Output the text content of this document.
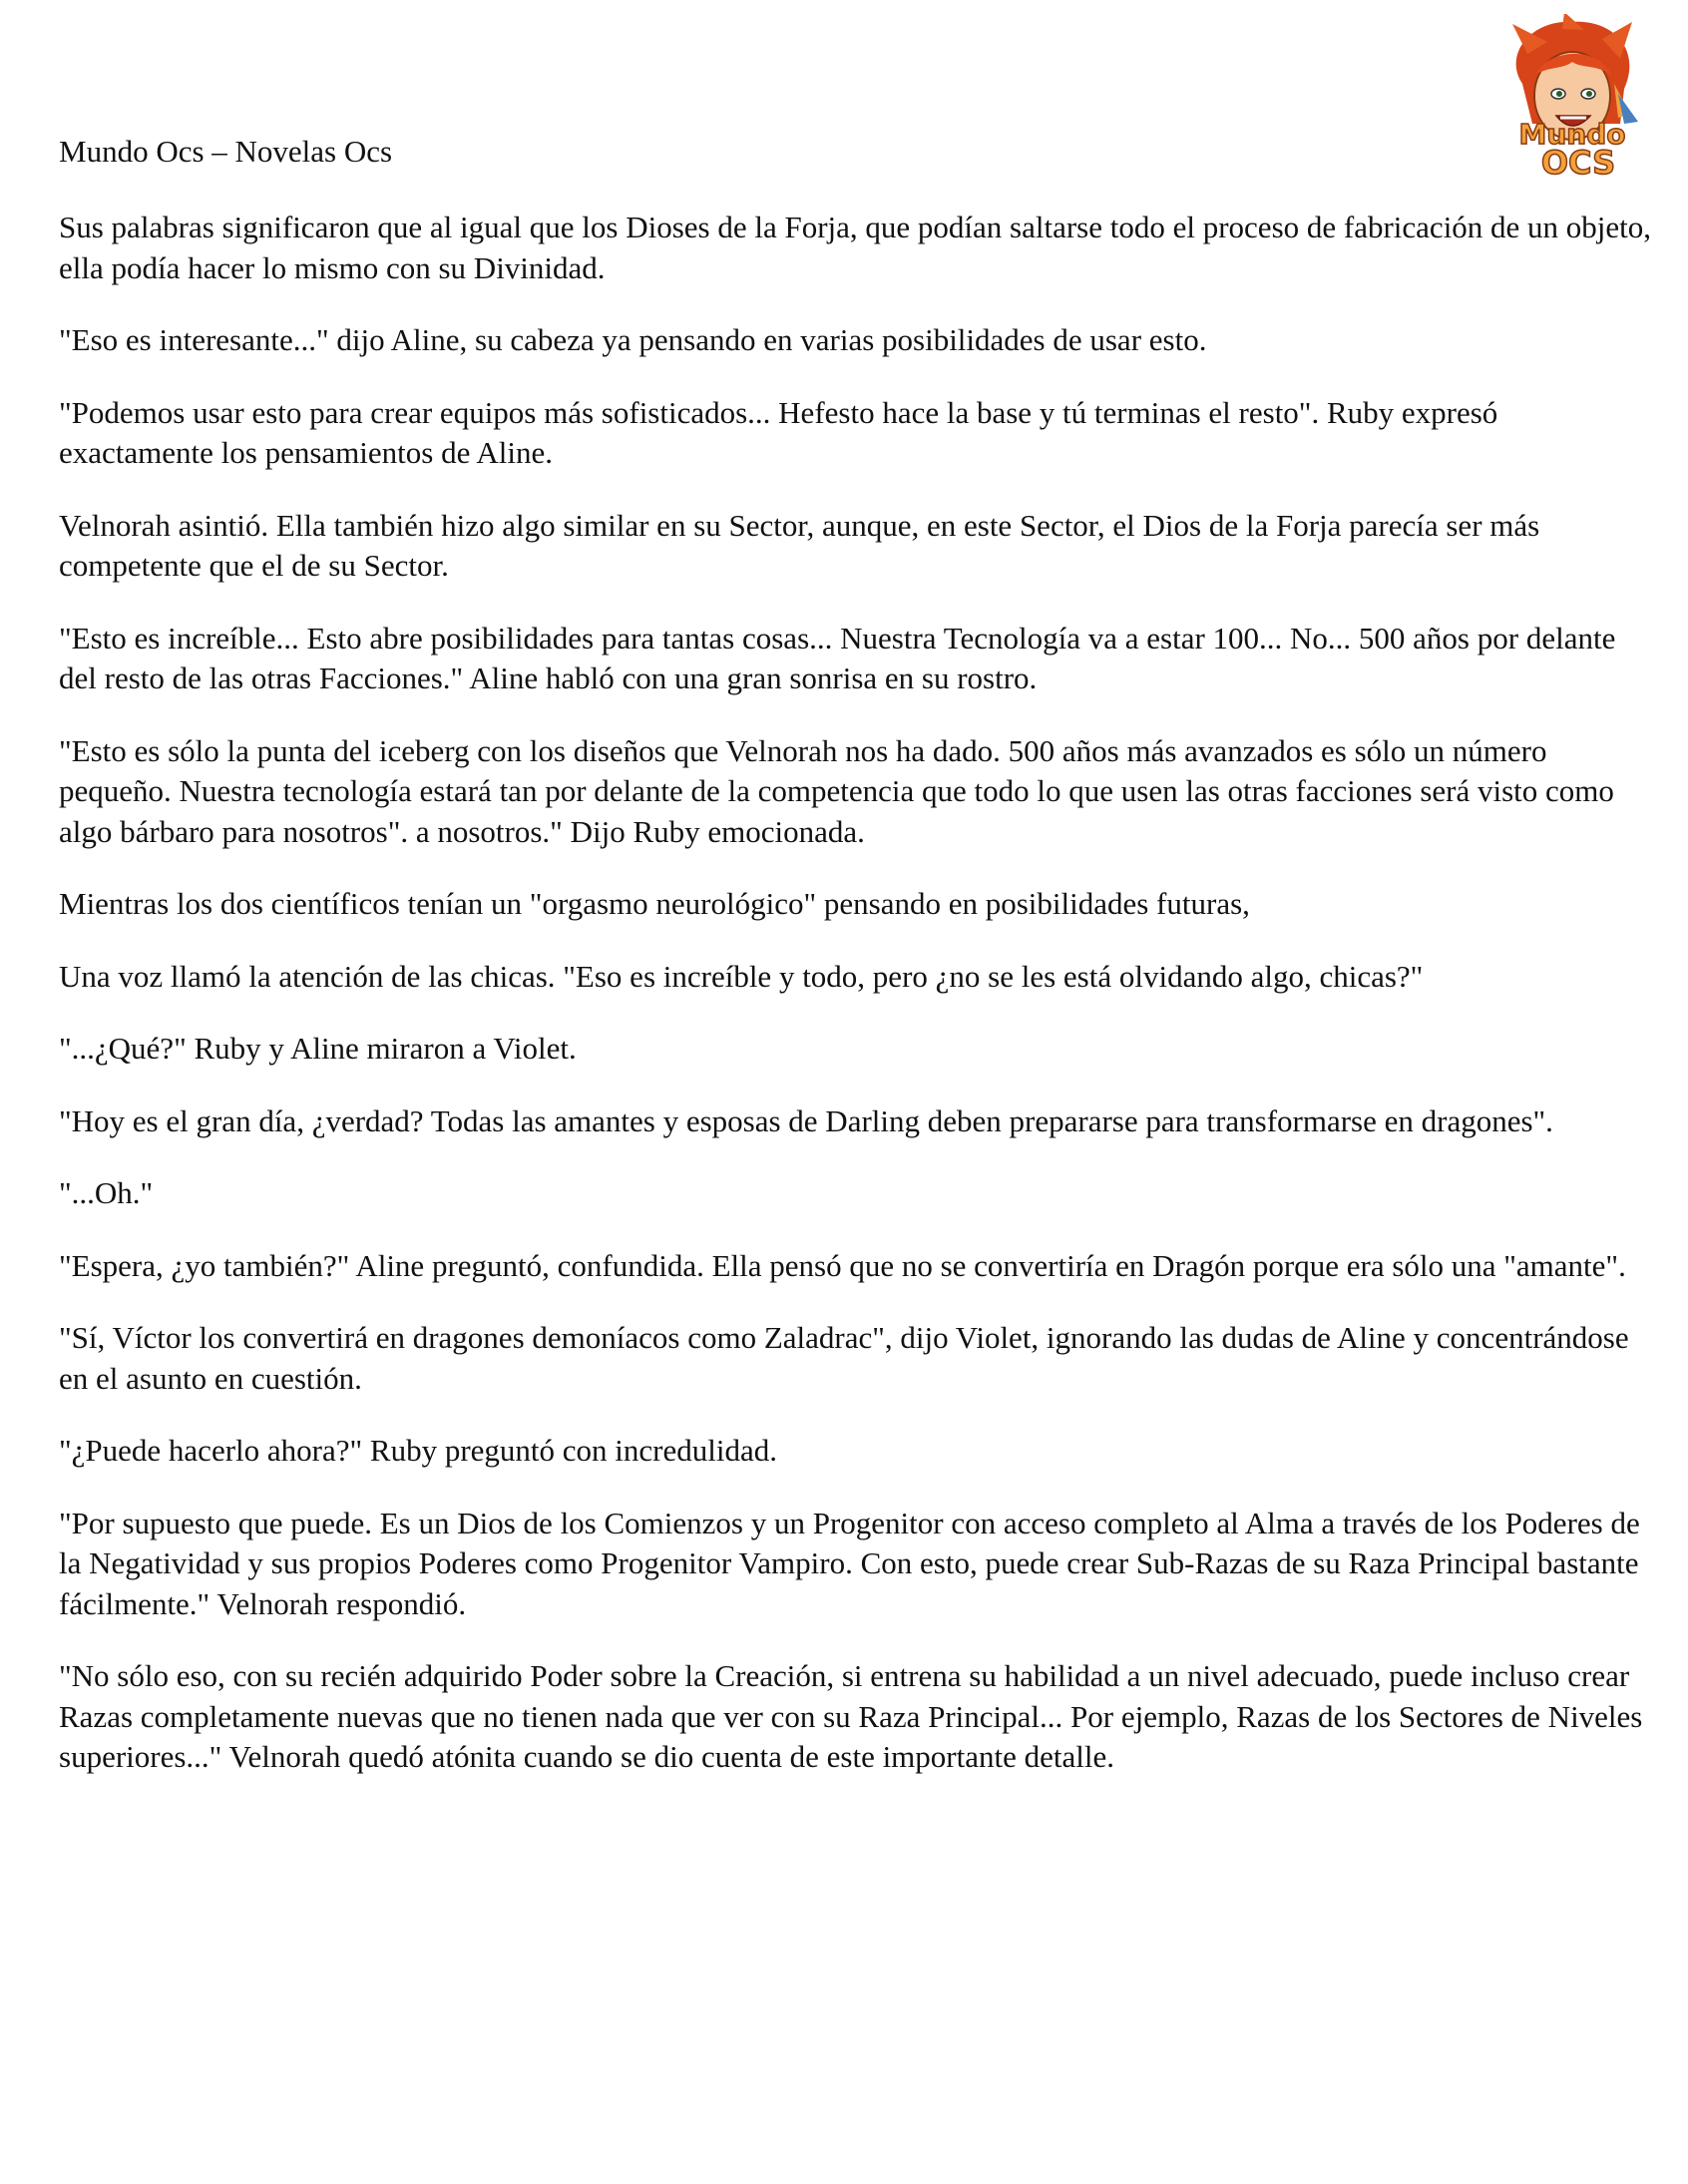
Mundo Ocs – Novelas Ocs	Mundo
OCS

Sus palabras significaron que al igual que los Dioses de la Forja, que podían saltarse todo el proceso de fabricación de un objeto, ella podía hacer lo mismo con su Divinidad.

"Eso es interesante..." dijo Aline, su cabeza ya pensando en varias posibilidades de usar esto.

"Podemos usar esto para crear equipos más sofisticados... Hefesto hace la base y tú terminas el resto". Ruby expresó exactamente los pensamientos de Aline.

Velnorah asintió. Ella también hizo algo similar en su Sector, aunque, en este Sector, el Dios de la Forja parecía ser más competente que el de su Sector.

"Esto es increíble... Esto abre posibilidades para tantas cosas... Nuestra Tecnología va a estar 100... No... 500 años por delante del resto de las otras Facciones." Aline habló con una gran sonrisa en su rostro.

"Esto es sólo la punta del iceberg con los diseños que Velnorah nos ha dado. 500 años más avanzados es sólo un número pequeño. Nuestra tecnología estará tan por delante de la competencia que todo lo que usen las otras facciones será visto como algo bárbaro para nosotros". a nosotros." Dijo Ruby emocionada.

Mientras los dos científicos tenían un "orgasmo neurológico" pensando en posibilidades futuras,

Una voz llamó la atención de las chicas. "Eso es increíble y todo, pero ¿no se les está olvidando algo, chicas?"

"...¿Qué?" Ruby y Aline miraron a Violet.

"Hoy es el gran día, ¿verdad? Todas las amantes y esposas de Darling deben prepararse para transformarse en dragones".

"...Oh."

"Espera, ¿yo también?" Aline preguntó, confundida. Ella pensó que no se convertiría en Dragón porque era sólo una "amante".

"Sí, Víctor los convertirá en dragones demoníacos como Zaladrac", dijo Violet, ignorando las dudas de Aline y concentrándose en el asunto en cuestión.

"¿Puede hacerlo ahora?" Ruby preguntó con incredulidad.

"Por supuesto que puede. Es un Dios de los Comienzos y un Progenitor con acceso completo al Alma a través de los Poderes de la Negatividad y sus propios Poderes como Progenitor Vampiro. Con esto, puede crear Sub-Razas de su Raza Principal bastante fácilmente." Velnorah respondió.

"No sólo eso, con su recién adquirido Poder sobre la Creación, si entrena su habilidad a un nivel adecuado, puede incluso crear Razas completamente nuevas que no tienen nada que ver con su Raza Principal... Por ejemplo, Razas de los Sectores de Niveles superiores..." Velnorah quedó atónita cuando se dio cuenta de este importante detalle.
